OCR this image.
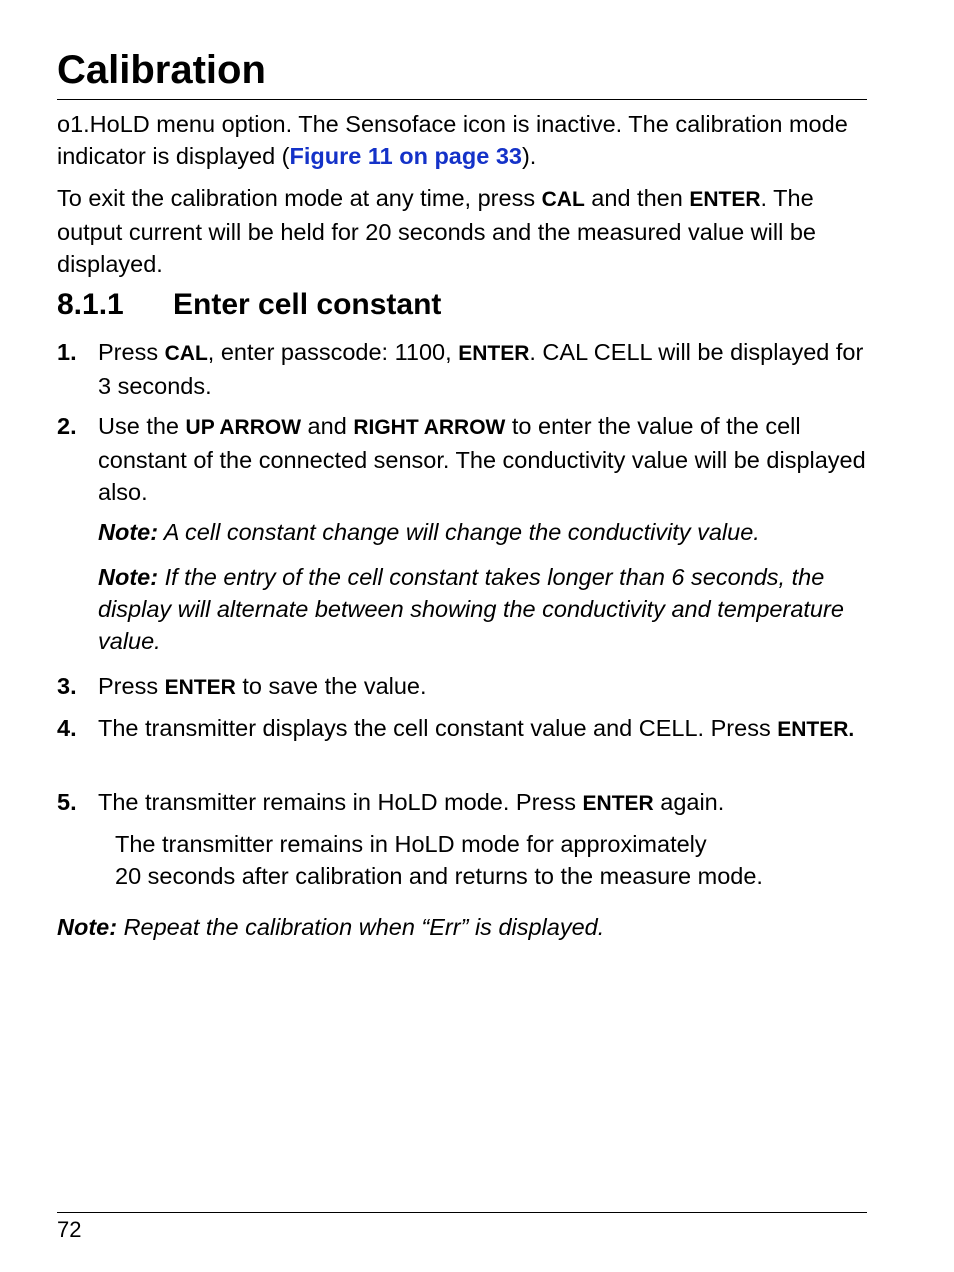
Calibration
o1.HoLD menu option. The Sensoface icon is inactive. The calibration mode indicator is displayed (Figure 11 on page 33).
To exit the calibration mode at any time, press CAL and then ENTER. The output current will be held for 20 seconds and the measured value will be displayed.
8.1.1 Enter cell constant
1. Press CAL, enter passcode: 1100, ENTER. CAL CELL will be displayed for 3 seconds.
2. Use the UP ARROW and RIGHT ARROW to enter the value of the cell constant of the connected sensor. The conductivity value will be displayed also.
Note: A cell constant change will change the conductivity value.
Note: If the entry of the cell constant takes longer than 6 seconds, the display will alternate between showing the conductivity and temperature value.
3. Press ENTER to save the value.
4. The transmitter displays the cell constant value and CELL. Press ENTER.
5. The transmitter remains in HoLD mode. Press ENTER again.
The transmitter remains in HoLD mode for approximately
20 seconds after calibration and returns to the measure mode.
Note: Repeat the calibration when “Err” is displayed.
72
